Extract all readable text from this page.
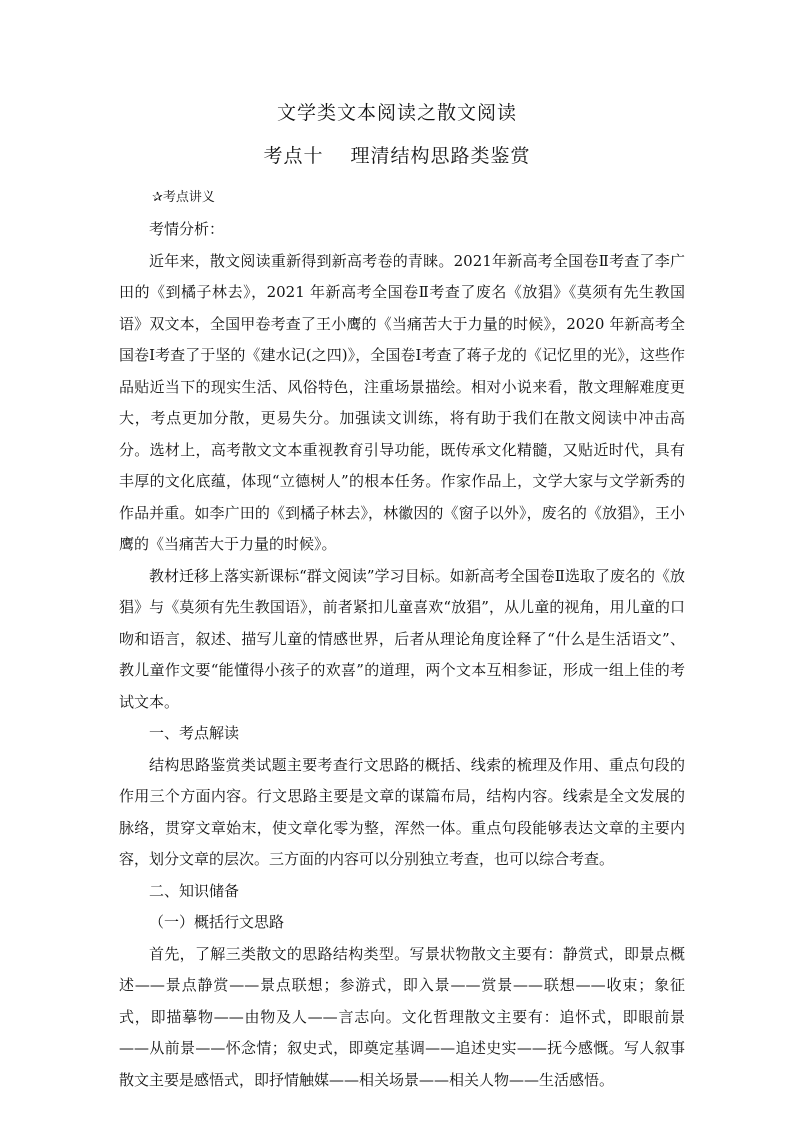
文学类文本阅读之散文阅读
考点十　 理清结构思路类鉴赏
✰考点讲义

考情分析：

近年来，散文阅读重新得到新高考卷的青睐。2021年新高考全国卷Ⅱ考查了李广田的《到橘子林去》，2021 年新高考全国卷Ⅱ考查了废名《放猖》《莫须有先生教国语》双文本，全国甲卷考查了王小鹰的《当痛苦大于力量的时候》，2020 年新高考全国卷Ⅰ考查了于坚的《建水记(之四)》，全国卷Ⅰ考查了蒋子龙的《记忆里的光》，这些作品贴近当下的现实生活、风俗特色，注重场景描绘。相对小说来看，散文理解难度更大，考点更加分散，更易失分。加强读文训练，将有助于我们在散文阅读中冲击高分。选材上，高考散文文本重视教育引导功能，既传承文化精髓，又贴近时代，具有丰厚的文化底蕴，体现“立德树人”的根本任务。作家作品上，文学大家与文学新秀的作品并重。如李广田的《到橘子林去》，林徽因的《窗子以外》，废名的《放猖》，王小鹰的《当痛苦大于力量的时候》。

教材迁移上落实新课标“群文阅读”学习目标。如新高考全国卷Ⅱ选取了废名的《放猖》与《莫须有先生教国语》，前者紧扣儿童喜欢“放猖”，从儿童的视角，用儿童的口吻和语言，叙述、描写儿童的情感世界，后者从理论角度诠释了“什么是生活语文”、教儿童作文要“能懂得小孩子的欢喜”的道理，两个文本互相参证，形成一组上佳的考试文本。

一、考点解读

结构思路鉴赏类试题主要考查行文思路的概括、线索的梳理及作用、重点句段的作用三个方面内容。行文思路主要是文章的谋篇布局，结构内容。线索是全文发展的脉络，贯穿文章始末，使文章化零为整，浑然一体。重点句段能够表达文章的主要内容，划分文章的层次。三方面的内容可以分别独立考查，也可以综合考查。

二、知识储备

（一）概括行文思路

首先，了解三类散文的思路结构类型。写景状物散文主要有：静赏式，即景点概述——景点静赏——景点联想；参游式，即入景——赏景——联想——收束；象征式，即描摹物——由物及人——言志向。文化哲理散文主要有：追怀式，即眼前景——从前景——怀念情；叙史式，即奠定基调——追述史实——抚今感慨。写人叙事散文主要是感悟式，即抒情触媒——相关场景——相关人物——生活感悟。
